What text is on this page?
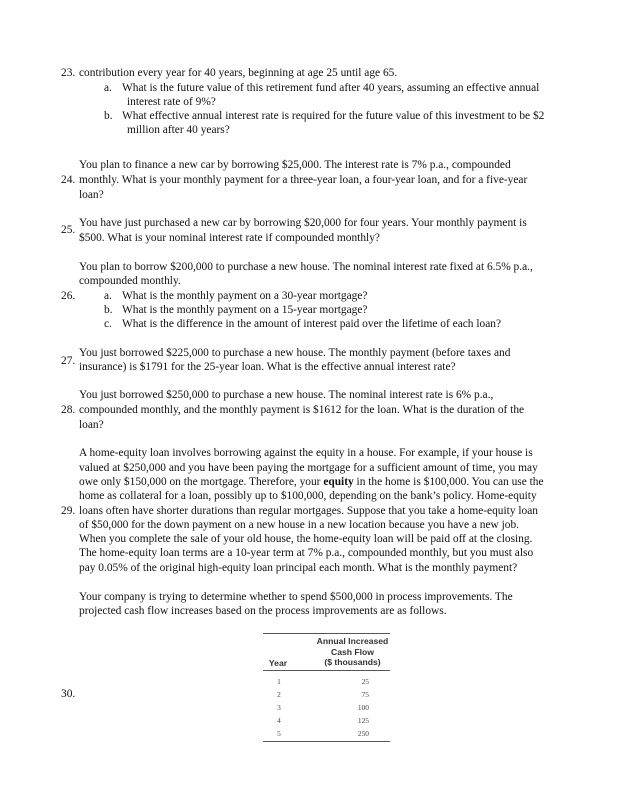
23. contribution every year for 40 years, beginning at age 25 until age 65.
a. What is the future value of this retirement fund after 40 years, assuming an effective annual
interest rate of 9%?
b. What effective annual interest rate is required for the future value of this investment to be $2
million after 40 years?
You plan to finance a new car by borrowing $25,000. The interest rate is 7% p.a., compounded
24. monthly. What is your monthly payment for a three-year loan, a four-year loan, and for a five-year
loan?
25.
You have just purchased a new car by borrowing $20,000 for four years. Your monthly payment is
$500. What is your nominal interest rate if compounded monthly?
You plan to borrow $200,000 to purchase a new house. The nominal interest rate fixed at 6.5% p.a.,
compounded monthly.
26.	a. What is the monthly payment on a 30-year mortgage?
b. What is the monthly payment on a 15-year mortgage?
c. What is the difference in the amount of interest paid over the lifetime of each loan?
27.
You just borrowed $225,000 to purchase a new house. The monthly payment (before taxes and
insurance) is $1791 for the 25-year loan. What is the effective annual interest rate?
You just borrowed $250,000 to purchase a new house. The nominal interest rate is 6% p.a.,
28. compounded monthly, and the monthly payment is $1612 for the loan. What is the duration of the
loan?
A home-equity loan involves borrowing against the equity in a house. For example, if your house is
valued at $250,000 and you have been paying the mortgage for a sufficient amount of time, you may
owe only $150,000 on the mortgage. Therefore, your equity in the home is $100,000. You can use the
home as collateral for a loan, possibly up to $100,000, depending on the bank’s policy. Home-equity
29. loans often have shorter durations than regular mortgages. Suppose that you take a home-equity loan
of $50,000 for the down payment on a new house in a new location because you have a new job.
When you complete the sale of your old house, the home-equity loan will be paid off at the closing.
The home-equity loan terms are a 10-year term at 7% p.a., compounded monthly, but you must also
pay 0.05% of the original high-equity loan principal each month. What is the monthly payment?
Your company is trying to determine whether to spend $500,000 in process improvements. The
projected cash flow increases based on the process improvements are as follows.
30.
Annual Increased
Cash Flow
($ thousands)
Year
1	25
2	75
3	100
4	125
5	250
